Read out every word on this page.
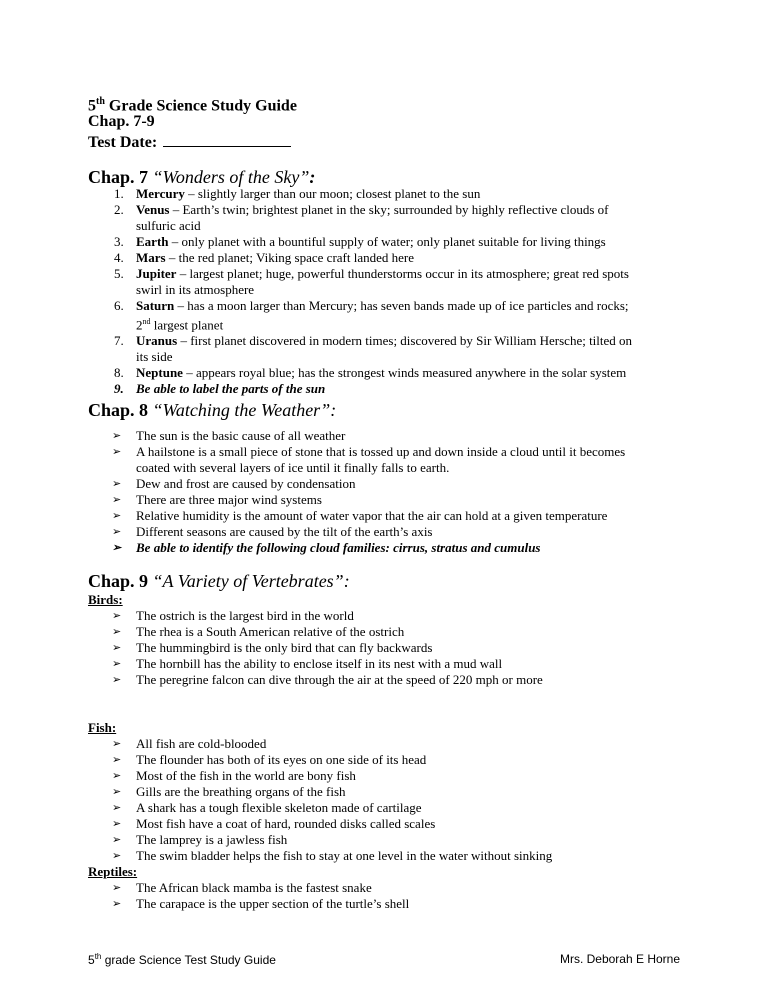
5th Grade Science Study Guide
Chap. 7-9
Test Date:
Chap. 7 “Wonders of the Sky”:
1. Mercury – slightly larger than our moon; closest planet to the sun
2. Venus – Earth’s twin; brightest planet in the sky; surrounded by highly reflective clouds of
sulfuric acid
3. Earth – only planet with a bountiful supply of water; only planet suitable for living things
4. Mars – the red planet; Viking space craft landed here
5. Jupiter – largest planet; huge, powerful thunderstorms occur in its atmosphere; great red spots
swirl in its atmosphere
6. Saturn – has a moon larger than Mercury; has seven bands made up of ice particles and rocks;
2nd largest planet
7. Uranus – first planet discovered in modern times; discovered by Sir William Hersche; tilted on
its side
8. Neptune – appears royal blue; has the strongest winds measured anywhere in the solar system
9. Be able to label the parts of the sun
Chap. 8 “Watching the Weather”:
➢ The sun is the basic cause of all weather
➢ A hailstone is a small piece of stone that is tossed up and down inside a cloud until it becomes
coated with several layers of ice until it finally falls to earth.
➢ Dew and frost are caused by condensation
➢ There are three major wind systems
➢ Relative humidity is the amount of water vapor that the air can hold at a given temperature
➢ Different seasons are caused by the tilt of the earth’s axis
➢ Be able to identify the following cloud families: cirrus, stratus and cumulus
Chap. 9 “A Variety of Vertebrates”:
Birds:
➢ The ostrich is the largest bird in the world
➢ The rhea is a South American relative of the ostrich
➢ The hummingbird is the only bird that can fly backwards
➢ The hornbill has the ability to enclose itself in its nest with a mud wall
➢ The peregrine falcon can dive through the air at the speed of 220 mph or more
Fish:
➢ All fish are cold-blooded
➢ The flounder has both of its eyes on one side of its head
➢ Most of the fish in the world are bony fish
➢ Gills are the breathing organs of the fish
➢ A shark has a tough flexible skeleton made of cartilage
➢ Most fish have a coat of hard, rounded disks called scales
➢ The lamprey is a jawless fish
➢ The swim bladder helps the fish to stay at one level in the water without sinking
Reptiles:
➢ The African black mamba is the fastest snake
➢ The carapace is the upper section of the turtle’s shell
5th grade Science Test Study Guide	Mrs. Deborah E Horne
